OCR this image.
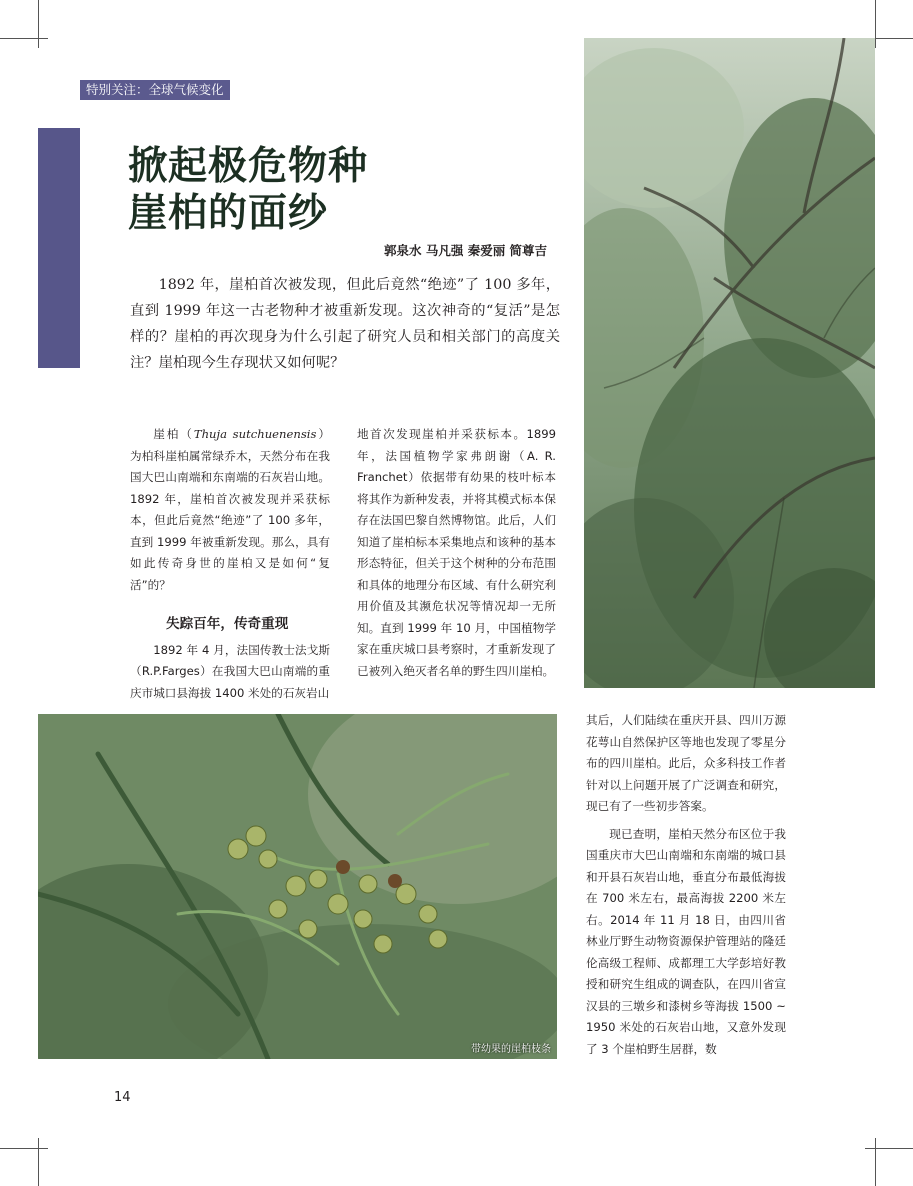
特别关注：全球气候变化
掀起极危物种
崖柏的面纱
郭泉水 马凡强 秦爱丽 简尊吉

1892 年，崖柏首次被发现，但此后竟然“绝迹”了 100 多年，直到 1999 年这一古老物种才被重新发现。这次神奇的“复活”是怎样的？崖柏的再次现身为什么引起了研究人员和相关部门的高度关注？崖柏现今生存现状又如何呢？

崖柏（Thuja sutchuenensis）为柏科崖柏属常绿乔木，天然分布在我国大巴山南端和东南端的石灰岩山地。1892 年，崖柏首次被发现并采获标本，但此后竟然“绝迹”了 100 多年，直到 1999 年被重新发现。那么，具有如此传奇身世的崖柏又是如何“复活”的？

失踪百年，传奇重现

1892 年 4 月，法国传教士法戈斯（R.P.Farges）在我国大巴山南端的重庆市城口县海拔 1400 米处的石灰岩山

地首次发现崖柏并采获标本。1899 年，法国植物学家弗朗谢（A. R. Franchet）依据带有幼果的枝叶标本将其作为新种发表，并将其模式标本保存在法国巴黎自然博物馆。此后，人们知道了崖柏标本采集地点和该种的基本形态特征，但关于这个树种的分布范围和具体的地理分布区域、有什么研究利用价值及其濒危状况等情况却一无所知。直到 1999 年 10 月，中国植物学家在重庆城口县考察时，才重新发现了已被列入绝灭者名单的野生四川崖柏。

带幼果的崖柏枝条

其后，人们陆续在重庆开县、四川万源花萼山自然保护区等地也发现了零星分布的四川崖柏。此后，众多科技工作者针对以上问题开展了广泛调查和研究，现已有了一些初步答案。

现已查明，崖柏天然分布区位于我国重庆市大巴山南端和东南端的城口县和开县石灰岩山地，垂直分布最低海拔在 700 米左右，最高海拔 2200 米左右。2014 年 11 月 18 日，由四川省林业厅野生动物资源保护管理站的隆廷伦高级工程师、成都理工大学彭培好教授和研究生组成的调查队，在四川省宣汉县的三墩乡和漆树乡等海拔 1500 ~ 1950 米处的石灰岩山地，又意外发现了 3 个崖柏野生居群，数

14
